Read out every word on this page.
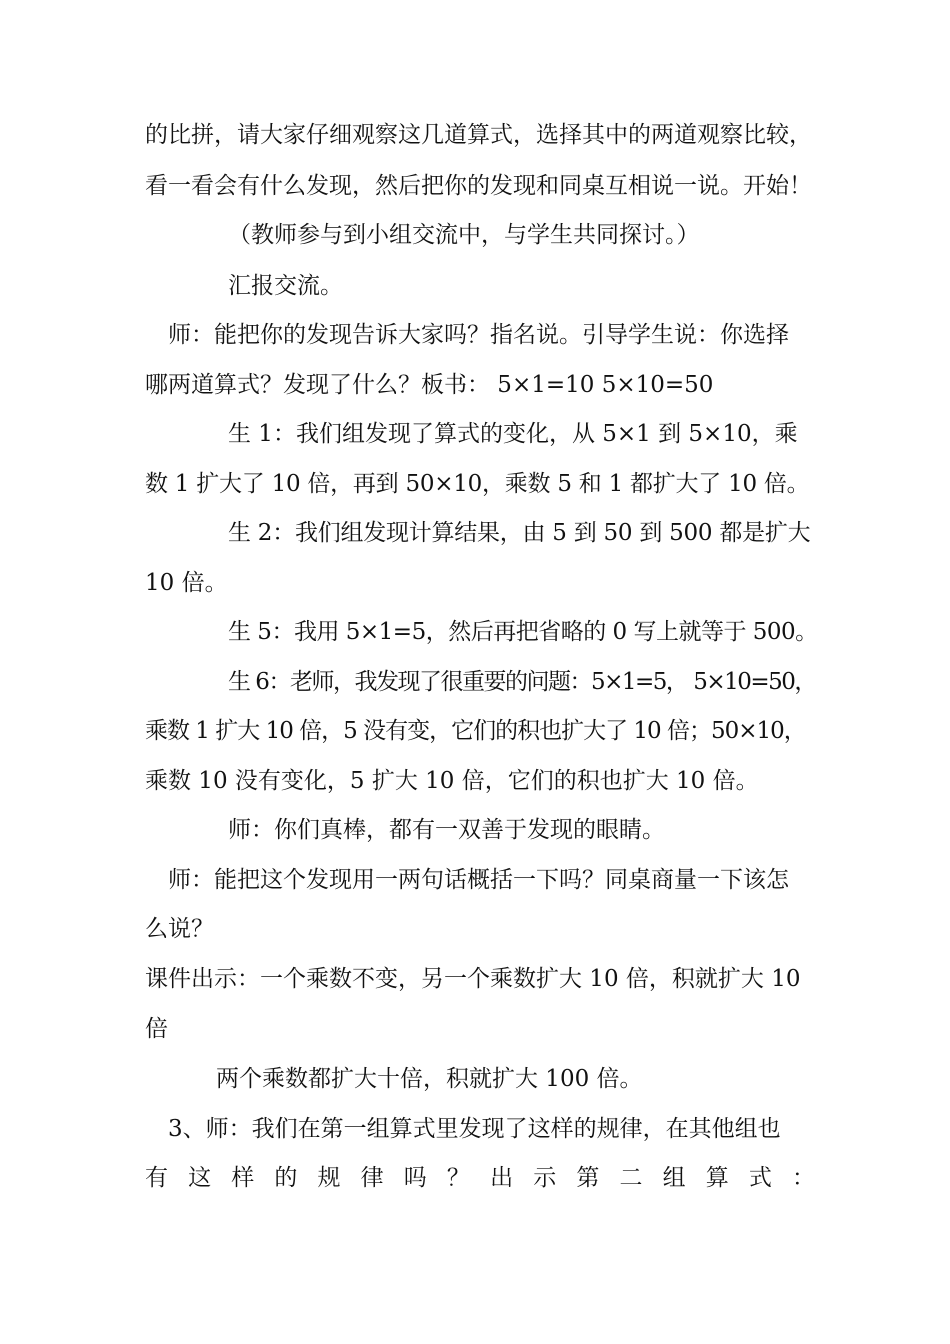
的比拼，请大家仔细观察这几道算式，选择其中的两道观察比较，
看一看会有什么发现，然后把你的发现和同桌互相说一说。开始！
（教师参与到小组交流中，与学生共同探讨。）
汇报交流。
师：能把你的发现告诉大家吗？指名说。引导学生说：你选择
哪两道算式？发现了什么？板书： 5×1=10 5×10=50
生 1：我们组发现了算式的变化，从 5×1 到 5×10，乘
数 1 扩大了 10 倍，再到 50×10，乘数 5 和 1 都扩大了 10 倍。
生 2：我们组发现计算结果，由 5 到 50 到 500 都是扩大
10 倍。
生 5：我用 5×1=5，然后再把省略的 0 写上就等于 500。
生 6：老师，我发现了很重要的问题：5×1=5， 5×10=50，
乘数 1 扩大 10 倍，5 没有变，它们的积也扩大了 10 倍；50×10，
乘数 10 没有变化，5 扩大 10 倍，它们的积也扩大 10 倍。
师：你们真棒，都有一双善于发现的眼睛。
师：能把这个发现用一两句话概括一下吗？同桌商量一下该怎
么说？
课件出示：一个乘数不变，另一个乘数扩大 10 倍，积就扩大 10
倍
两个乘数都扩大十倍，积就扩大 100 倍。
3、师：我们在第一组算式里发现了这样的规律，在其他组也
有 这 样 的 规 律 吗 ？ 出 示 第 二 组 算 式 ：
